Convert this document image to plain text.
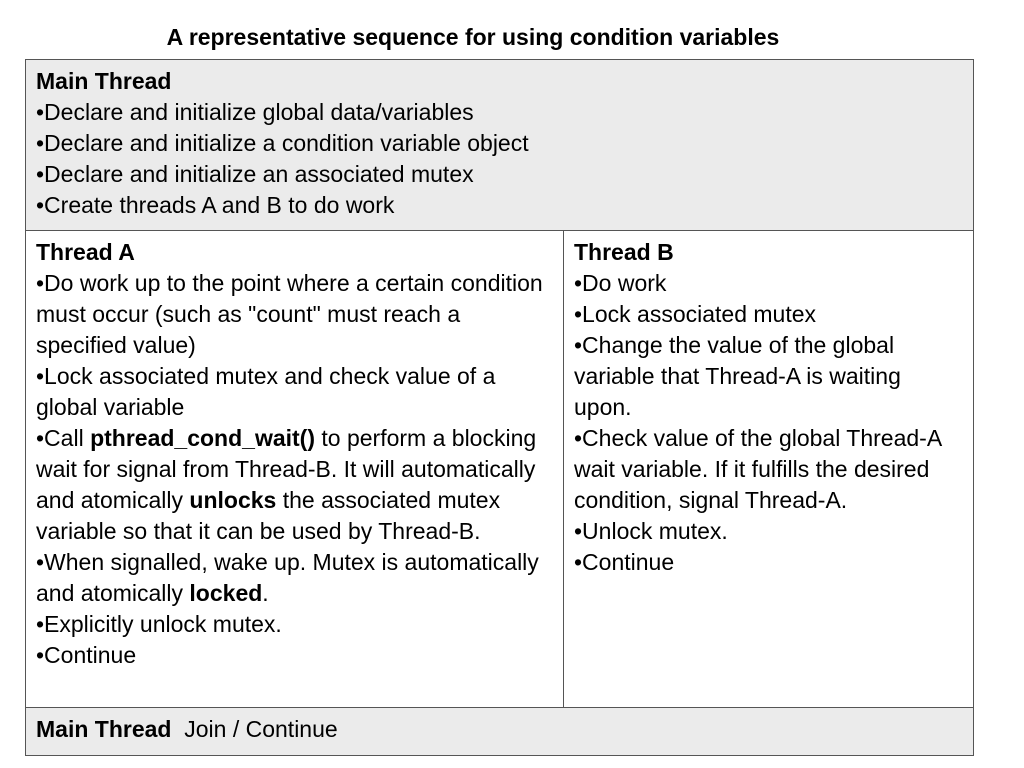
A representative sequence for using condition variables
Main Thread
•Declare and initialize global data/variables
•Declare and initialize a condition variable object
•Declare and initialize an associated mutex
•Create threads A and B to do work

Thread A
•Do work up to the point where a certain condition must occur (such as "count" must reach a specified value)
•Lock associated mutex and check value of a global variable
•Call pthread_cond_wait() to perform a blocking wait for signal from Thread-B. It will automatically and atomically unlocks the associated mutex variable so that it can be used by Thread-B.
•When signalled, wake up. Mutex is automatically and atomically locked.
•Explicitly unlock mutex.
•Continue

Thread B
•Do work
•Lock associated mutex
•Change the value of the global variable that Thread-A is waiting upon.
•Check value of the global Thread-A wait variable. If it fulfills the desired condition, signal Thread-A.
•Unlock mutex.
•Continue

Main Thread Join / Continue
